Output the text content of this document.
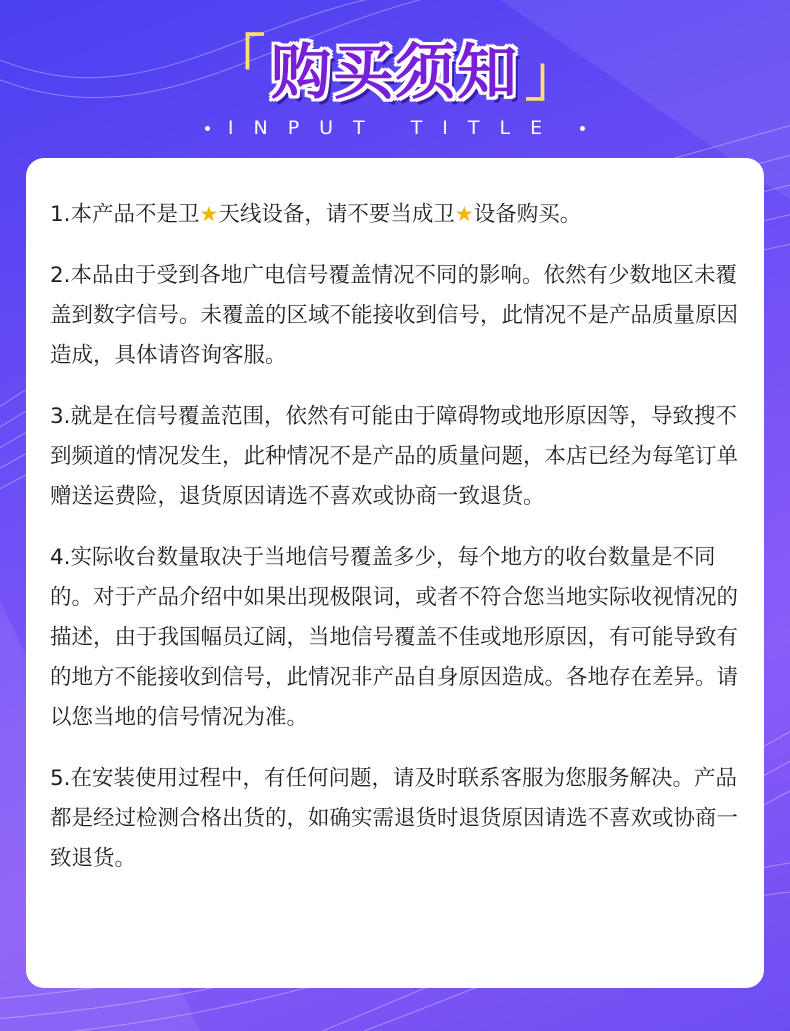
「 购买须知 」
INPUT TITLE

1.本产品不是卫★天线设备，请不要当成卫★设备购买。

2.本品由于受到各地广电信号覆盖情况不同的影响。依然有少数地区未覆盖到数字信号。未覆盖的区域不能接收到信号，此情况不是产品质量原因造成，具体请咨询客服。

3.就是在信号覆盖范围，依然有可能由于障碍物或地形原因等，导致搜不到频道的情况发生，此种情况不是产品的质量问题，本店已经为每笔订单赠送运费险，退货原因请选不喜欢或协商一致退货。

4.实际收台数量取决于当地信号覆盖多少，每个地方的收台数量是不同的。对于产品介绍中如果出现极限词，或者不符合您当地实际收视情况的描述，由于我国幅员辽阔，当地信号覆盖不佳或地形原因，有可能导致有的地方不能接收到信号，此情况非产品自身原因造成。各地存在差异。请以您当地的信号情况为准。

5.在安装使用过程中，有任何问题，请及时联系客服为您服务解决。产品都是经过检测合格出货的，如确实需退货时退货原因请选不喜欢或协商一致退货。
